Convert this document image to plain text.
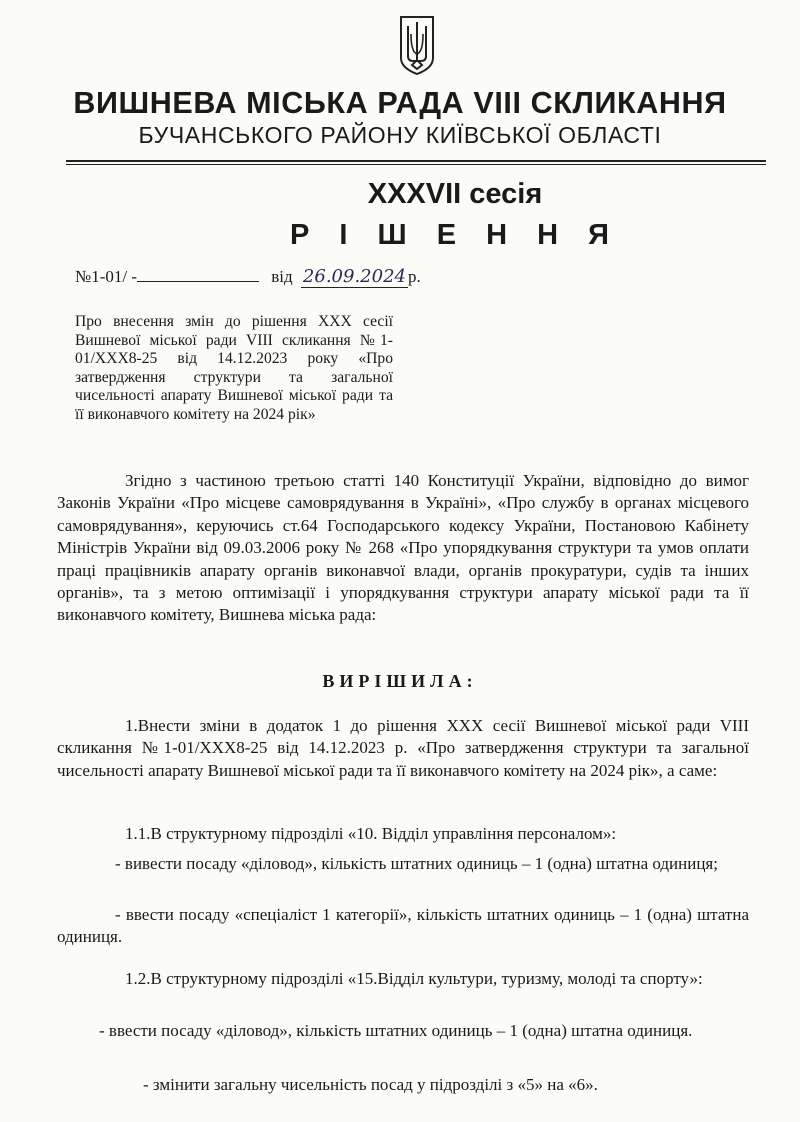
ВИШНЕВА МІСЬКА РАДА VIII СКЛИКАННЯ
БУЧАНСЬКОГО РАЙОНУ КИЇВСЬКОЇ ОБЛАСТІ
XXXVII сесія
Р І Ш Е Н Н Я
№1-01/ -	від 26.09.2024 р.
Про внесення змін до рішення XXX сесії Вишневої міської ради VIII скликання №1-01/XXX8-25 від 14.12.2023 року «Про затвердження структури та загальної чисельності апарату Вишневої міської ради та її виконавчого комітету на 2024 рік»
Згідно з частиною третьою статті 140 Конституції України, відповідно до вимог Законів України «Про місцеве самоврядування в Україні», «Про службу в органах місцевого самоврядування», керуючись ст.64 Господарського кодексу України, Постановою Кабінету Міністрів України від 09.03.2006 року № 268 «Про упорядкування структури та умов оплати праці працівників апарату органів виконавчої влади, органів прокуратури, судів та інших органів», та з метою оптимізації і упорядкування структури апарату міської ради та її виконавчого комітету, Вишнева міська рада:
ВИРІШИЛА:
1.Внести зміни в додаток 1 до рішення XXX сесії Вишневої міської ради VIII скликання №1-01/XXX8-25 від 14.12.2023 р. «Про затвердження структури та загальної чисельності апарату Вишневої міської ради та її виконавчого комітету на 2024 рік», а саме:
1.1.В структурному підрозділі «10. Відділ управління персоналом»:
- вивести посаду «діловод», кількість штатних одиниць – 1 (одна) штатна одиниця;
- ввести посаду «спеціаліст 1 категорії», кількість штатних одиниць – 1 (одна) штатна одиниця.
1.2.В структурному підрозділі «15.Відділ культури, туризму, молоді та спорту»:
- ввести посаду «діловод», кількість штатних одиниць – 1 (одна) штатна одиниця.
- змінити загальну чисельність посад у підрозділі з «5» на «6».
